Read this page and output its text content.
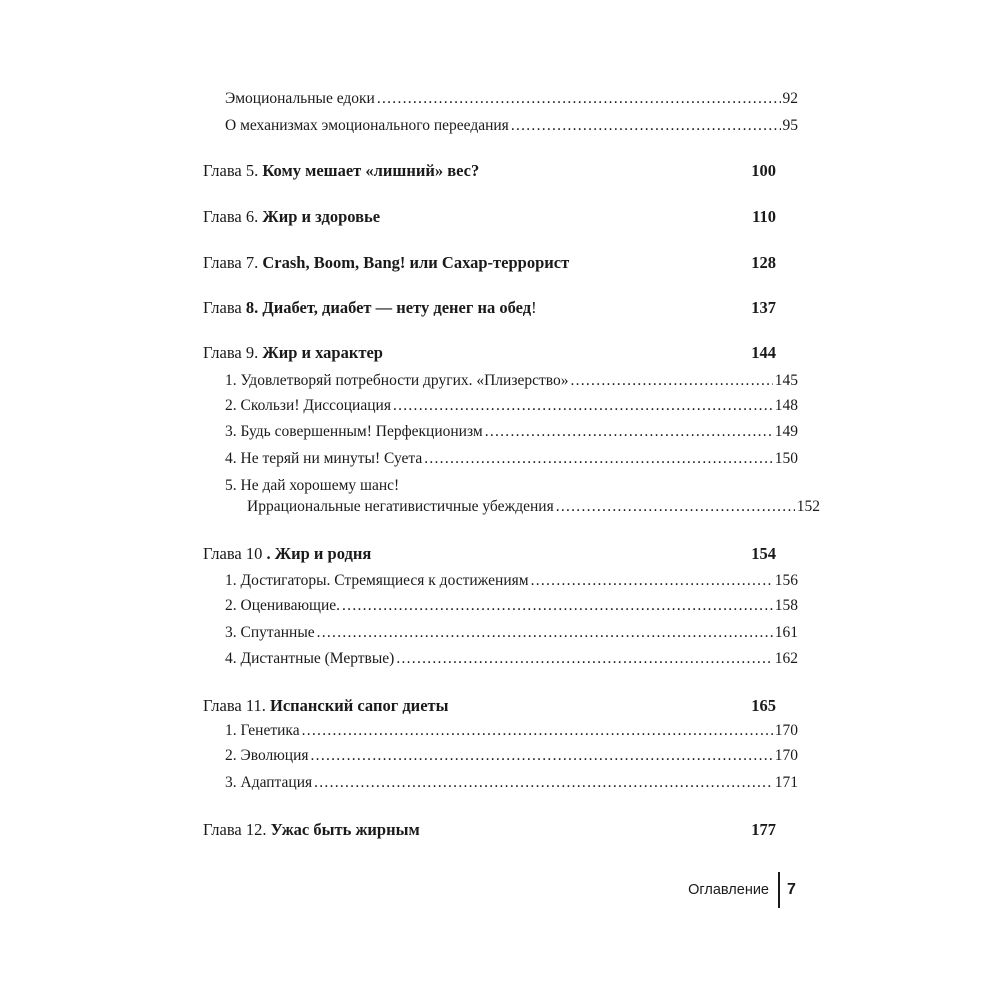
Эмоциональные едоки . . .	92
О механизмах эмоционального переедания . . .	95
Глава 5. Кому мешает «лишний» вес?	100
Глава 6. Жир и здоровье	110
Глава 7. Crash, Boom, Bang! или Сахар-террорист	128
Глава 8. Диабет, диабет — нету денег на обед!	137
Глава 9. Жир и характер	144
1. Удовлетворяй потребности других. «Плизерство» . . .	145
2. Скользи! Диссоциация . . .	148
3. Будь совершенным! Перфекционизм . . .	149
4. Не теряй ни минуты! Суета . . .	150
5. Не дай хорошему шанс!
Иррациональные негативистичные убеждения . . .	152
Глава 10 . Жир и родня	154
1. Достигаторы. Стремящиеся к достижениям . . .	156
2. Оценивающие. . . .	158
3. Спутанные . . .	161
4. Дистантные (Мертвые) . . .	162
Глава 11. Испанский сапог диеты	165
1. Генетика . . .	170
2. Эволюция . . .	170
3. Адаптация . . .	171
Глава 12. Ужас быть жирным	177
Оглавление 7
